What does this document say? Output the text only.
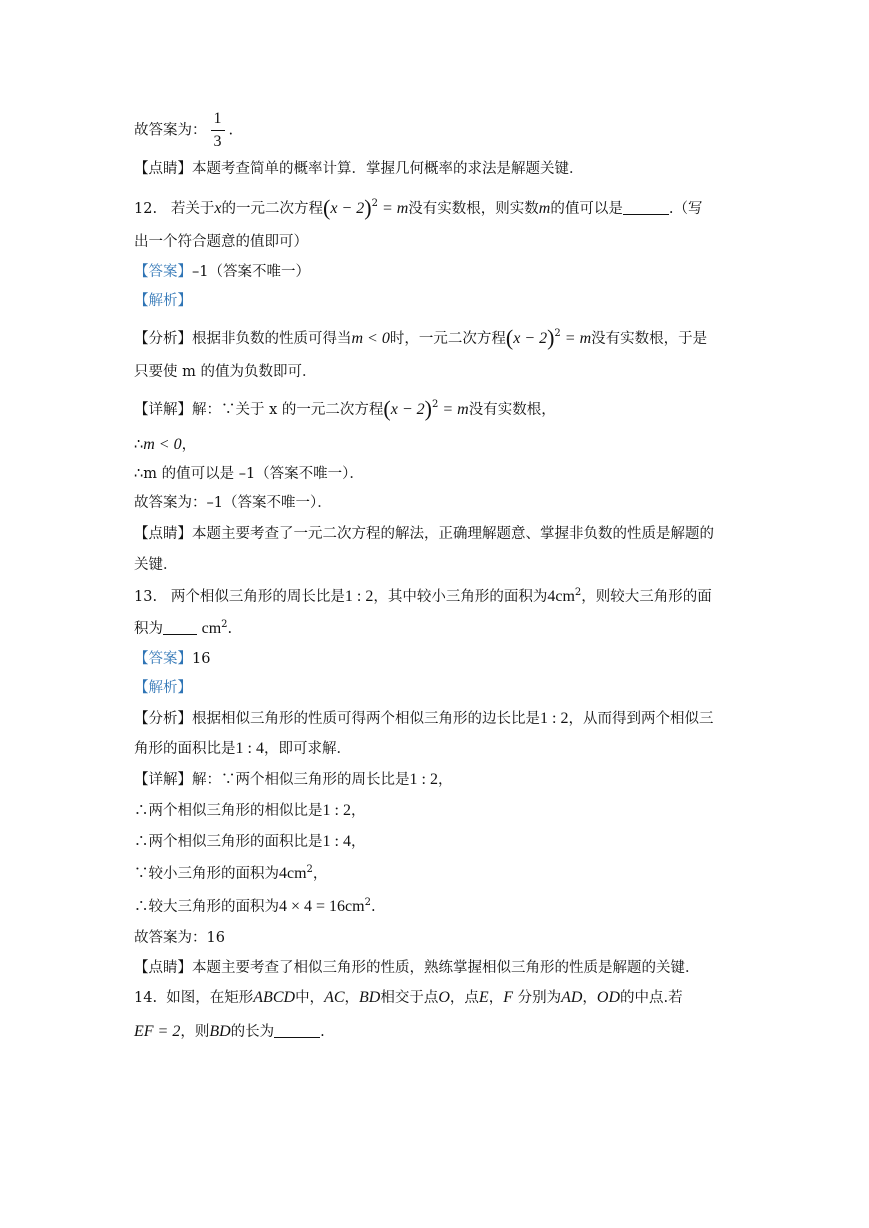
故答案为： $\frac{1}{3}$ .
【点睛】本题考查简单的概率计算．掌握几何概率的求法是解题关键．
12. 若关于x的一元二次方程$(x - 2)^2 = m$没有实数根，则实数m的值可以是	.（写
出一个符合题意的值即可）
【答案】–1（答案不唯一）
【解析】
【分析】根据非负数的性质可得当m < 0时，一元二次方程$(x - 2)^2 = m$没有实数根，于是
只要使 m 的值为负数即可．
【详解】解：∵关于 x 的一元二次方程$(x - 2)^2 = m$没有实数根，
∴m < 0，
∴m 的值可以是 –1（答案不唯一）．
故答案为：–1（答案不唯一）．
【点睛】本题主要考查了一元二次方程的解法，正确理解题意、掌握非负数的性质是解题的
关键．
13. 两个相似三角形的周长比是1 : 2，其中较小三角形的面积为$4cm^2$，则较大三角形的面
积为 $cm^2$.
【答案】16
【解析】
【分析】根据相似三角形的性质可得两个相似三角形的边长比是1 : 2，从而得到两个相似三
角形的面积比是1 : 4，即可求解．
【详解】解：∵两个相似三角形的周长比是1 : 2，
∴两个相似三角形的相似比是1 : 2，
∴两个相似三角形的面积比是1 : 4，
∵较小三角形的面积为$4cm^2$，
∴较大三角形的面积为$4 \times 4 = 16cm^2$.
故答案为：16
【点睛】本题主要考查了相似三角形的性质，熟练掌握相似三角形的性质是解题的关键．
14. 如图，在矩形ABCD中，AC，BD相交于点O，点E，F 分别为AD，OD的中点.若
EF = 2，则BD的长为	.
